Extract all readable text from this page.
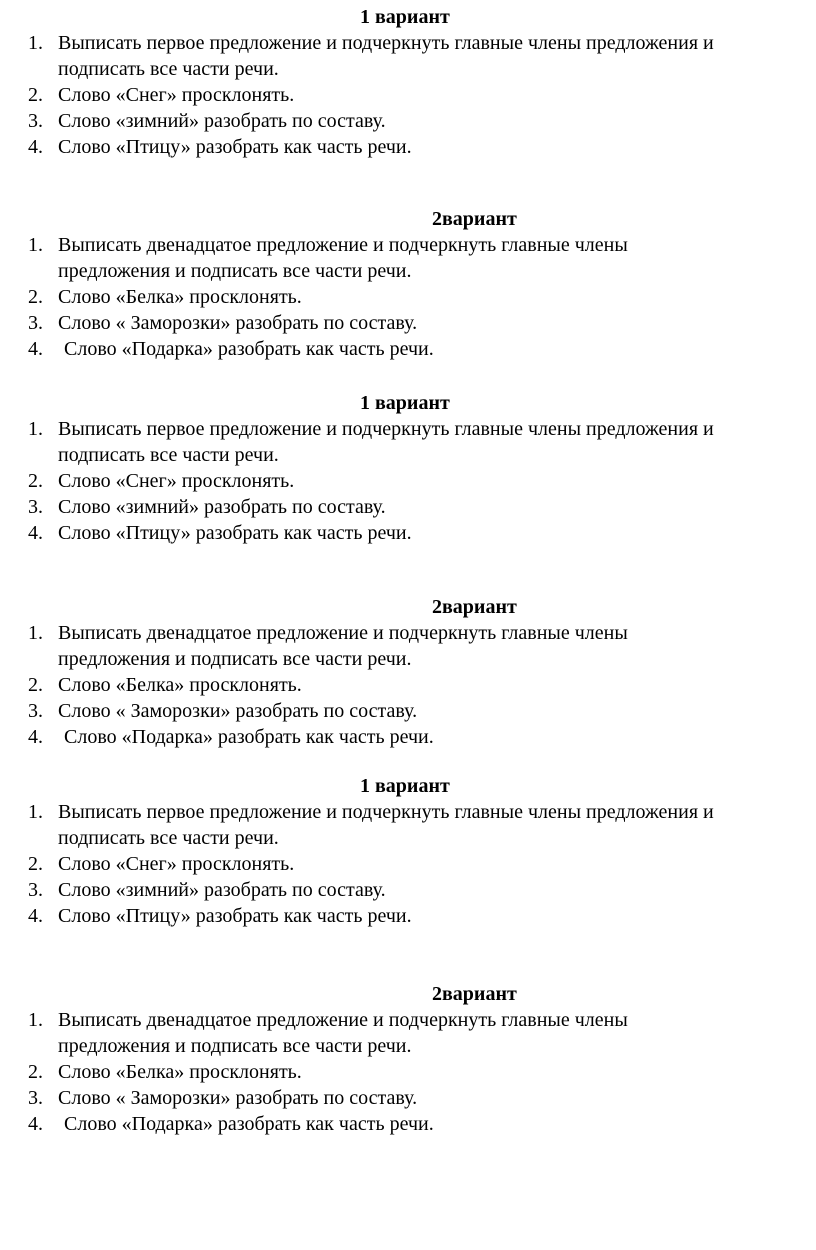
1 вариант
1. Выписать первое предложение и подчеркнуть главные члены предложения и
подписать все части речи.
2. Слово «Снег» просклонять.
3. Слово «зимний» разобрать по составу.
4. Слово «Птицу» разобрать как часть речи.
2вариант
1. Выписать двенадцатое предложение и подчеркнуть главные члены
предложения и подписать все части речи.
2. Слово «Белка» просклонять.
3. Слово « Заморозки» разобрать по составу.
4. Слово «Подарка» разобрать как часть речи.
1 вариант
1. Выписать первое предложение и подчеркнуть главные члены предложения и
подписать все части речи.
2. Слово «Снег» просклонять.
3. Слово «зимний» разобрать по составу.
4. Слово «Птицу» разобрать как часть речи.
2вариант
1. Выписать двенадцатое предложение и подчеркнуть главные члены
предложения и подписать все части речи.
2. Слово «Белка» просклонять.
3. Слово « Заморозки» разобрать по составу.
4. Слово «Подарка» разобрать как часть речи.
1 вариант
1. Выписать первое предложение и подчеркнуть главные члены предложения и
подписать все части речи.
2. Слово «Снег» просклонять.
3. Слово «зимний» разобрать по составу.
4. Слово «Птицу» разобрать как часть речи.
2вариант
1. Выписать двенадцатое предложение и подчеркнуть главные члены
предложения и подписать все части речи.
2. Слово «Белка» просклонять.
3. Слово « Заморозки» разобрать по составу.
4. Слово «Подарка» разобрать как часть речи.
